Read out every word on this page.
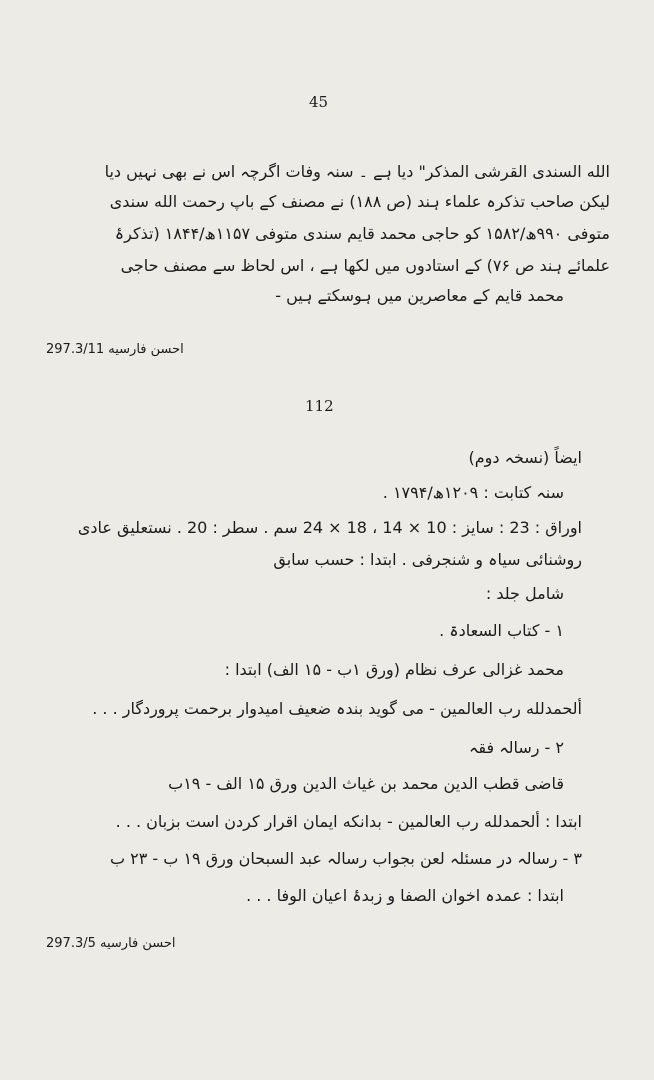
45
الله السندی القرشی المذکر" دیا ہے ۔ سنہ وفات اگرچہ اس نے بھی نہیں دیا
لیکن صاحب تذکرہ علماء ہند (ص ۱۸۸) نے مصنف کے باپ رحمت الله سندی
متوفی ۹۹۰ھ/۱۵۸۲ کو حاجی محمد قایم سندی متوفی ۱۱۵۷ھ/۱۸۴۴ (تذکرۂ
علمائے ہند ص ۷۶) کے استادوں میں لکھا ہے ، اس لحاظ سے مصنف حاجی
محمد قایم کے معاصرین میں ہوسکتے ہیں -
احسن فارسیه 297.3/11
112
ایضاً (نسخہ دوم)
سنہ کتابت : ۱۲۰۹ھ/۱۷۹۴ .
اوراق : 23 : سایز : 10 × 14 ، 18 × 24 سم . سطر : 20 . نستعلیق عادی
روشنائی سیاہ و شنجرفی . ابتدا : حسب سابق
شامل جلد :
۱ - کتاب السعادۃ .
محمد غزالی عرف نظام (ورق ۱ب - ۱۵ الف) ابتدا :
ألحمدلله رب العالمین - می گوید بندہ ضعیف امیدوار برحمت پروردگار . . .
۲ - رسالہ فقہ
قاضی قطب الدین محمد بن غیاث الدین ورق ۱۵ الف - ۱۹ب
ابتدا : ألحمدلله رب العالمین - بدانکه ایمان اقرار کردن است بزبان . . .
۳ - رسالہ در مسئلہ لعن بجواب رسالہ عبد السبحان ورق ۱۹ ب - ۲۳ ب
ابتدا : عمدہ اخوان الصفا و زبدۂ اعیان الوفا . . .
احسن فارسیه 297.3/5
